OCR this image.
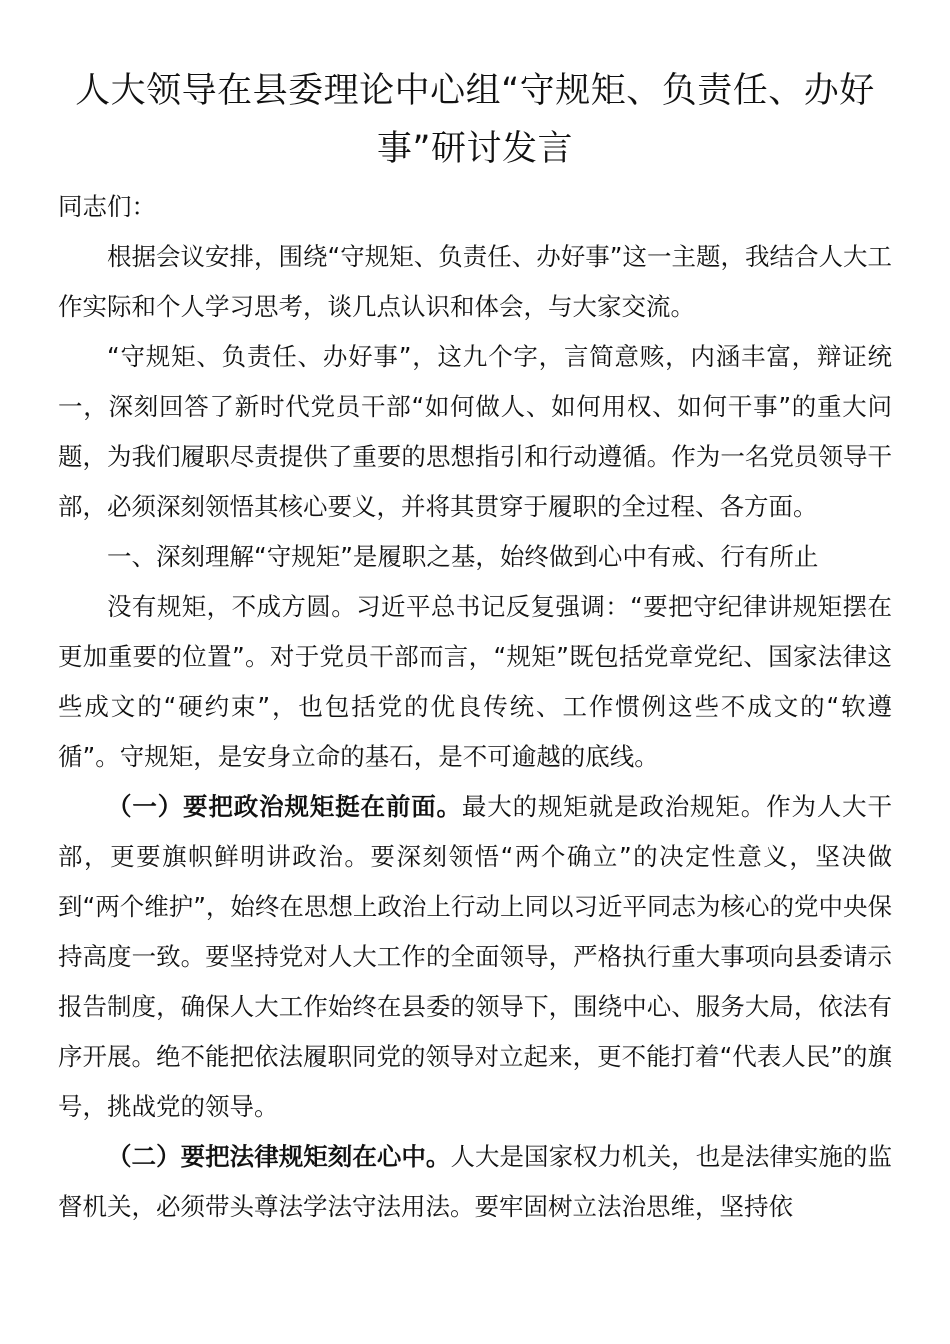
人大领导在县委理论中心组“守规矩、负责任、办好事”研讨发言

同志们：

根据会议安排，围绕“守规矩、负责任、办好事”这一主题，我结合人大工作实际和个人学习思考，谈几点认识和体会，与大家交流。

“守规矩、负责任、办好事”，这九个字，言简意赅，内涵丰富，辩证统一，深刻回答了新时代党员干部“如何做人、如何用权、如何干事”的重大问题，为我们履职尽责提供了重要的思想指引和行动遵循。作为一名党员领导干部，必须深刻领悟其核心要义，并将其贯穿于履职的全过程、各方面。

一、深刻理解“守规矩”是履职之基，始终做到心中有戒、行有所止

没有规矩，不成方圆。习近平总书记反复强调：“要把守纪律讲规矩摆在更加重要的位置”。对于党员干部而言，“规矩”既包括党章党纪、国家法律这些成文的“硬约束”，也包括党的优良传统、工作惯例这些不成文的“软遵循”。守规矩，是安身立命的基石，是不可逾越的底线。

（一）要把政治规矩挺在前面。最大的规矩就是政治规矩。作为人大干部，更要旗帜鲜明讲政治。要深刻领悟“两个确立”的决定性意义，坚决做到“两个维护”，始终在思想上政治上行动上同以习近平同志为核心的党中央保持高度一致。要坚持党对人大工作的全面领导，严格执行重大事项向县委请示报告制度，确保人大工作始终在县委的领导下，围绕中心、服务大局，依法有序开展。绝不能把依法履职同党的领导对立起来，更不能打着“代表人民”的旗号，挑战党的领导。

（二）要把法律规矩刻在心中。人大是国家权力机关，也是法律实施的监督机关，必须带头尊法学法守法用法。要牢固树立法治思维，坚持依
